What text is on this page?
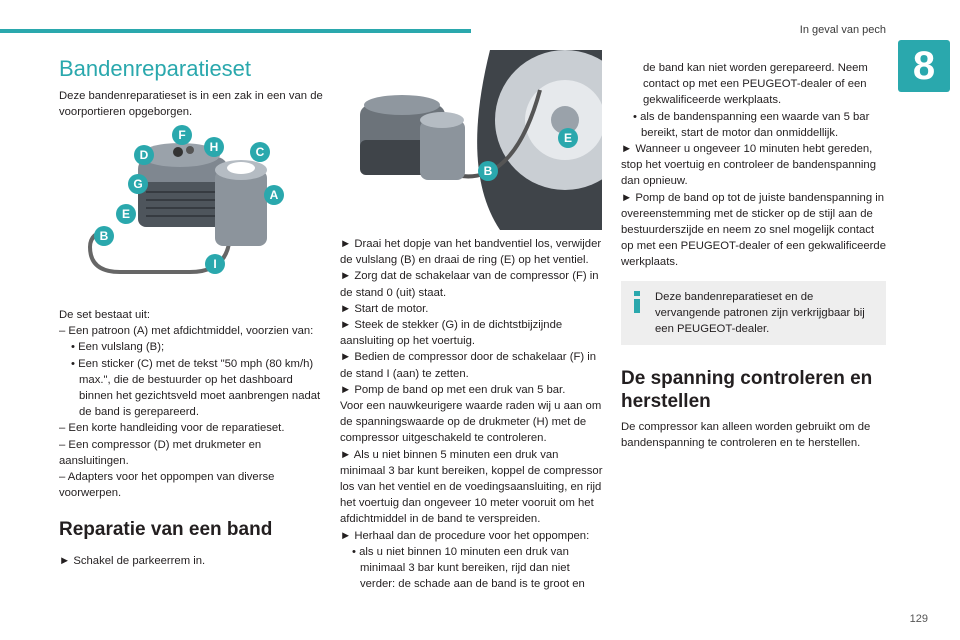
In geval van pech
8
129
Bandenreparatieset

Deze bandenreparatieset is in een zak in een van de voorportieren opgeborgen.

F
D
H	C
G
A
E
B
I

De set bestaat uit:

– Een patroon (A) met afdichtmiddel, voorzien van:

• Een vulslang (B);

• Een sticker (C) met de tekst "50 mph (80 km/h) max.", die de bestuurder op het dashboard binnen het gezichtsveld moet aanbrengen nadat de band is gerepareerd.

– Een korte handleiding voor de reparatieset.

– Een compressor (D) met drukmeter en aansluitingen.

– Adapters voor het oppompen van diverse voorwerpen.

Reparatie van een band

► Schakel de parkeerrem in.

E
B

► Draai het dopje van het bandventiel los, verwijder de vulslang (B) en draai de ring (E) op het ventiel.

► Zorg dat de schakelaar van de compressor (F) in de stand 0 (uit) staat.

► Start de motor.

► Steek de stekker (G) in de dichtstbijzijnde aansluiting op het voertuig.

► Bedien de compressor door de schakelaar (F) in de stand I (aan) te zetten.

► Pomp de band op met een druk van 5 bar.

Voor een nauwkeurigere waarde raden wij u aan om de spanningswaarde op de drukmeter (H) met de compressor uitgeschakeld te controleren.

► Als u niet binnen 5 minuten een druk van minimaal 3 bar kunt bereiken, koppel de compressor los van het ventiel en de voedingsaansluiting, en rijd het voertuig dan ongeveer 10 meter vooruit om het afdichtmiddel in de band te verspreiden.

► Herhaal dan de procedure voor het oppompen:

• als u niet binnen 10 minuten een druk van minimaal 3 bar kunt bereiken, rijd dan niet verder: de schade aan de band is te groot en

de band kan niet worden gerepareerd. Neem contact op met een PEUGEOT-dealer of een gekwalificeerde werkplaats.

• als de bandenspanning een waarde van 5 bar bereikt, start de motor dan onmiddellijk.

► Wanneer u ongeveer 10 minuten hebt gereden, stop het voertuig en controleer de bandenspanning dan opnieuw.

► Pomp de band op tot de juiste bandenspanning in overeenstemming met de sticker op de stijl aan de bestuurderszijde en neem zo snel mogelijk contact op met een PEUGEOT-dealer of een gekwalificeerde werkplaats.

Deze bandenreparatieset en de vervangende patronen zijn verkrijgbaar bij een PEUGEOT-dealer.

De spanning controleren en herstellen

De compressor kan alleen worden gebruikt om de bandenspanning te controleren en te herstellen.
